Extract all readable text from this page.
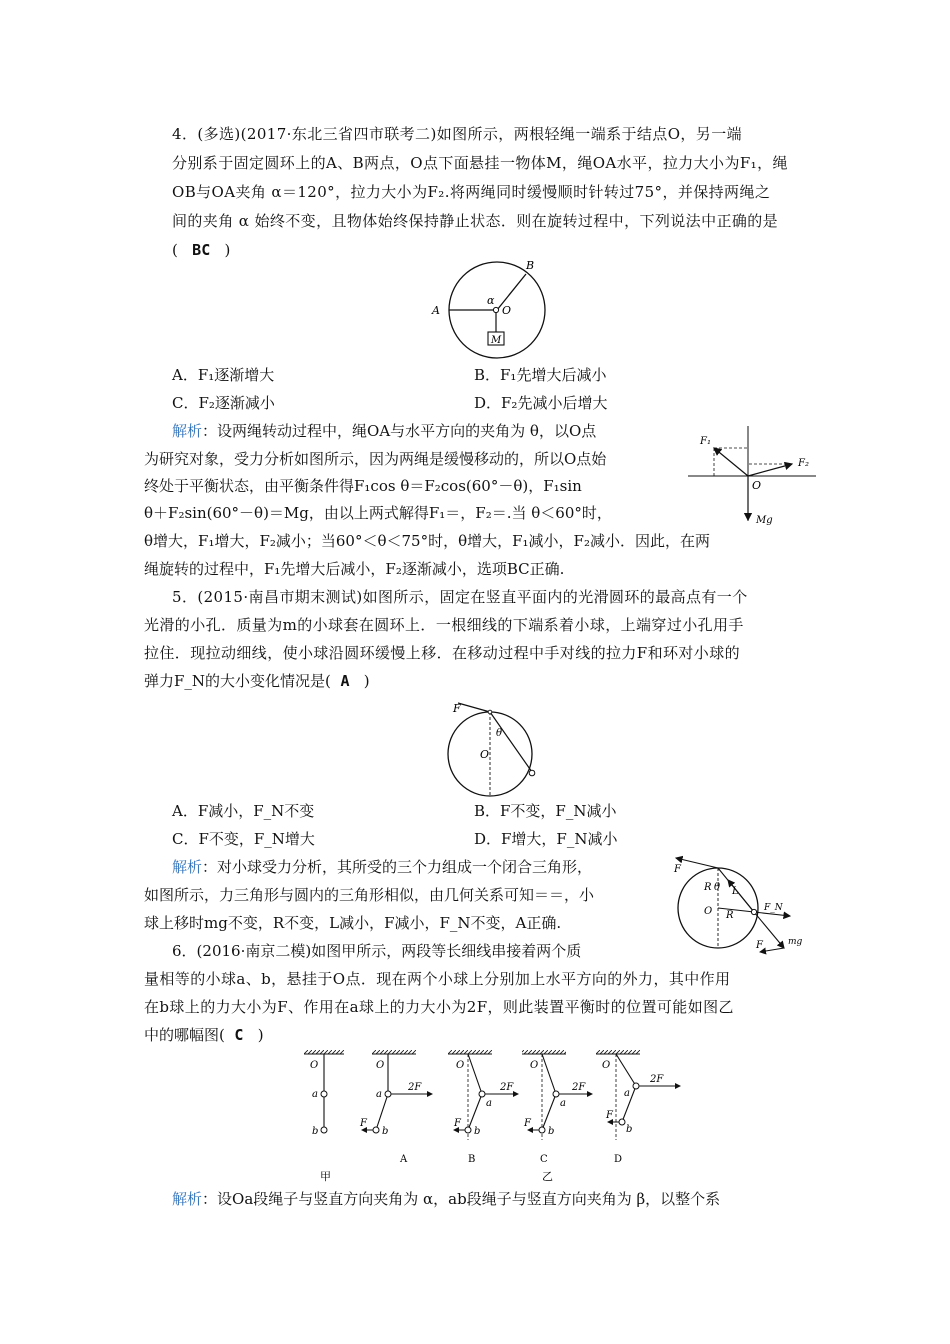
4．(多选)(2017·东北三省四市联考二)如图所示，两根轻绳一端系于结点O，另一端
分别系于固定圆环上的A、B两点，O点下面悬挂一物体M，绳OA水平，拉力大小为F₁，绳
OB与OA夹角 α＝120°，拉力大小为F₂.将两绳同时缓慢顺时针转过75°，并保持两绳之
间的夹角 α 始终不变，且物体始终保持静止状态．则在旋转过程中，下列说法中正确的是
( BC )
A
B
O
α
M
A．F₁逐渐增大	B．F₁先增大后减小
C．F₂逐渐减小	D．F₂先减小后增大
解析：设两绳转动过程中，绳OA与水平方向的夹角为 θ，以O点
为研究对象，受力分析如图所示，因为两绳是缓慢移动的，所以O点始
终处于平衡状态，由平衡条件得F₁cos θ＝F₂cos(60°－θ)，F₁sin
θ＋F₂sin(60°－θ)＝Mg，由以上两式解得F₁＝，F₂＝.当 θ＜60°时，
θ增大，F₁增大，F₂减小；当60°＜θ＜75°时，θ增大，F₁减小，F₂减小．因此，在两
绳旋转的过程中，F₁先增大后减小，F₂逐渐减小，选项BC正确.
F₁
F₂
O
Mg
5．(2015·南昌市期末测试)如图所示，固定在竖直平面内的光滑圆环的最高点有一个
光滑的小孔．质量为m的小球套在圆环上．一根细线的下端系着小球，上端穿过小孔用手
拉住．现拉动细线，使小球沿圆环缓慢上移．在移动过程中手对线的拉力F和环对小球的
弹力F_N的大小变化情况是( A )
F
θ
O
A．F减小，F_N不变	B．F不变，F_N减小
C．F不变，F_N增大	D．F增大，F_N减小
解析：对小球受力分析，其所受的三个力组成一个闭合三角形，
如图所示，力三角形与圆内的三角形相似，由几何关系可知＝＝，小
球上移时mg不变，R不变，L减小，F减小，F_N不变，A正确.
F
R θ L
O R
F_N
F	mg
6．(2016·南京二模)如图甲所示，两段等长细线串接着两个质
量相等的小球a、b，悬挂于O点．现在两个小球上分别加上水平方向的外力，其中作用
在b球上的力大小为F、作用在a球上的力大小为2F，则此装置平衡时的位置可能如图乙
中的哪幅图( C )
O
a
b
甲
O
a
2F
F
b
A
O
a
2F
F
b
B
O
a
2F
F
b
C
O
a
2F
F
b
D
乙
解析：设Oa段绳子与竖直方向夹角为 α，ab段绳子与竖直方向夹角为 β，以整个系
